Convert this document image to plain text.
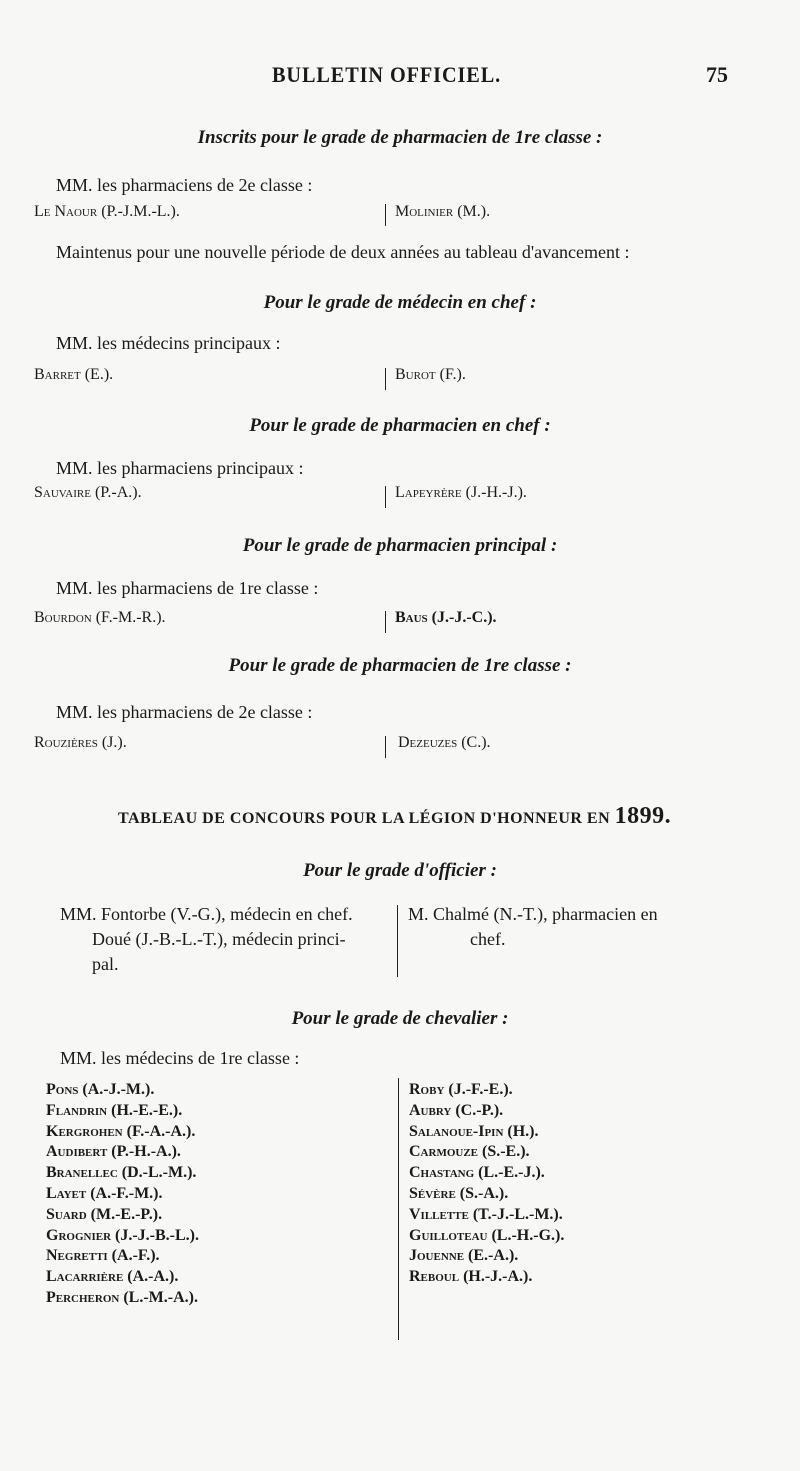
BULLETIN OFFICIEL.	75
Inscrits pour le grade de pharmacien de 1re classe :
MM. les pharmaciens de 2e classe :
Le Naour (P.-J.M.-L.).	Molinier (M.).
Maintenus pour une nouvelle période de deux années au tableau d'avancement :
Pour le grade de médecin en chef :
MM. les médecins principaux :
Barret (E.).	Burot (F.).
Pour le grade de pharmacien en chef :
MM. les pharmaciens principaux :
Sauvaire (P.-A.).	Lapeyrère (J.-H.-J.).
Pour le grade de pharmacien principal :
MM. les pharmaciens de 1re classe :
Bourdon (F.-M.-R.).	Baus (J.-J.-C.).
Pour le grade de pharmacien de 1re classe :
MM. les pharmaciens de 2e classe :
Rouzières (J.).	Dezeuzes (C.).
TABLEAU DE CONCOURS POUR LA LÉGION D'HONNEUR EN 1899.
Pour le grade d'officier :
MM. Fontorbe (V.-G.), médecin en chef.
Doué (J.-B.-L.-T.), médecin princi-
pal.
M. Chalmé (N.-T.), pharmacien en
chef.
Pour le grade de chevalier :
MM. les médecins de 1re classe :
Pons (A.-J.-M.).
Flandrin (H.-E.-E.).
Kergrohen (F.-A.-A.).
Audibert (P.-H.-A.).
Branellec (D.-L.-M.).
Layet (A.-F.-M.).
Suard (M.-E.-P.).
Grognier (J.-J.-B.-L.).
Negretti (A.-F.).
Lacarrière (A.-A.).
Percheron (L.-M.-A.).
Roby (J.-F.-E.).
Aubry (C.-P.).
Salanoue-Ipin (H.).
Carmouze (S.-E.).
Chastang (L.-E.-J.).
Sévère (S.-A.).
Villette (T.-J.-L.-M.).
Guilloteau (L.-H.-G.).
Jouenne (E.-A.).
Reboul (H.-J.-A.).
